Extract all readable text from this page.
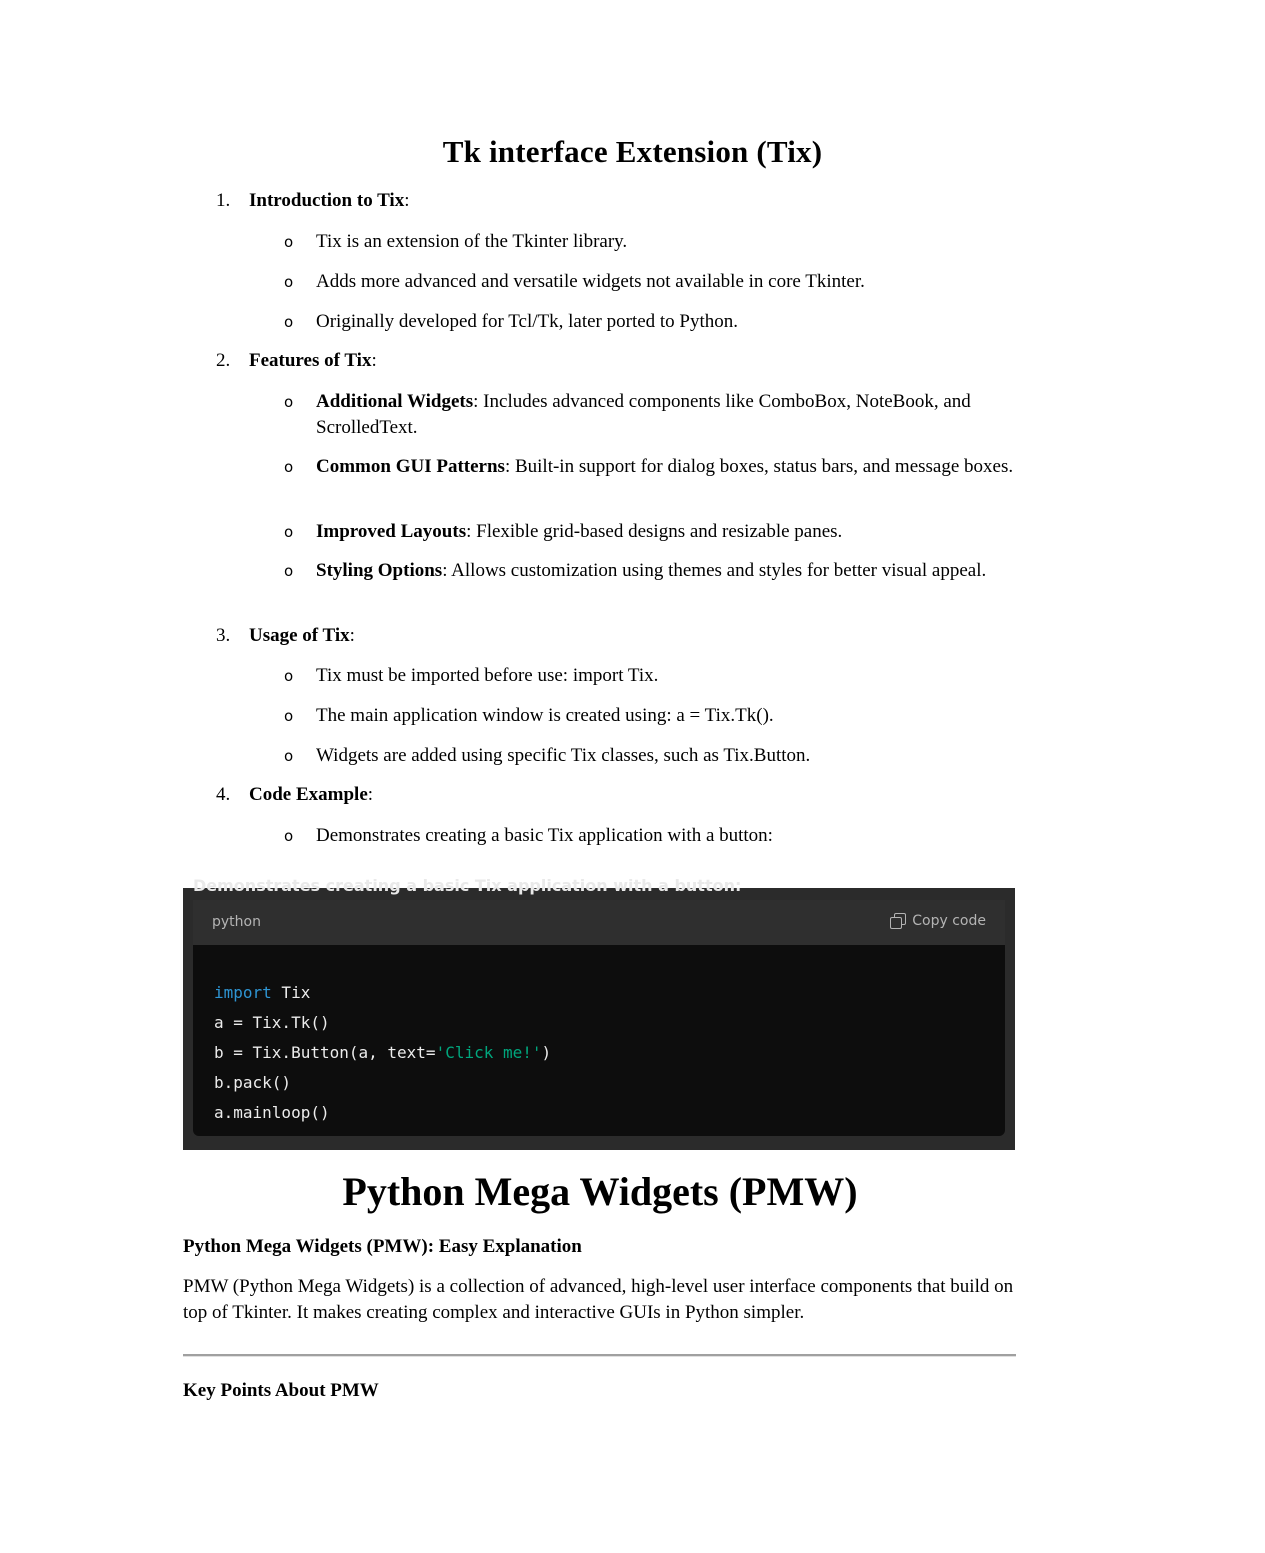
Tk interface Extension (Tix)
1. Introduction to Tix:
o Tix is an extension of the Tkinter library.
o Adds more advanced and versatile widgets not available in core Tkinter.
o Originally developed for Tcl/Tk, later ported to Python.
2. Features of Tix:
o Additional Widgets: Includes advanced components like ComboBox, NoteBook, and ScrolledText.
o Common GUI Patterns: Built-in support for dialog boxes, status bars, and message boxes.
o Improved Layouts: Flexible grid-based designs and resizable panes.
o Styling Options: Allows customization using themes and styles for better visual appeal.
3. Usage of Tix:
o Tix must be imported before use: import Tix.
o The main application window is created using: a = Tix.Tk().
o Widgets are added using specific Tix classes, such as Tix.Button.
4. Code Example:
o Demonstrates creating a basic Tix application with a button:
Demonstrates creating a basic Tix application with a button:
python	Copy code
import Tix
a = Tix.Tk()
b = Tix.Button(a, text='Click me!')
b.pack()
a.mainloop()
Python Mega Widgets (PMW)
Python Mega Widgets (PMW): Easy Explanation
PMW (Python Mega Widgets) is a collection of advanced, high-level user interface components that build on top of Tkinter. It makes creating complex and interactive GUIs in Python simpler.
Key Points About PMW
